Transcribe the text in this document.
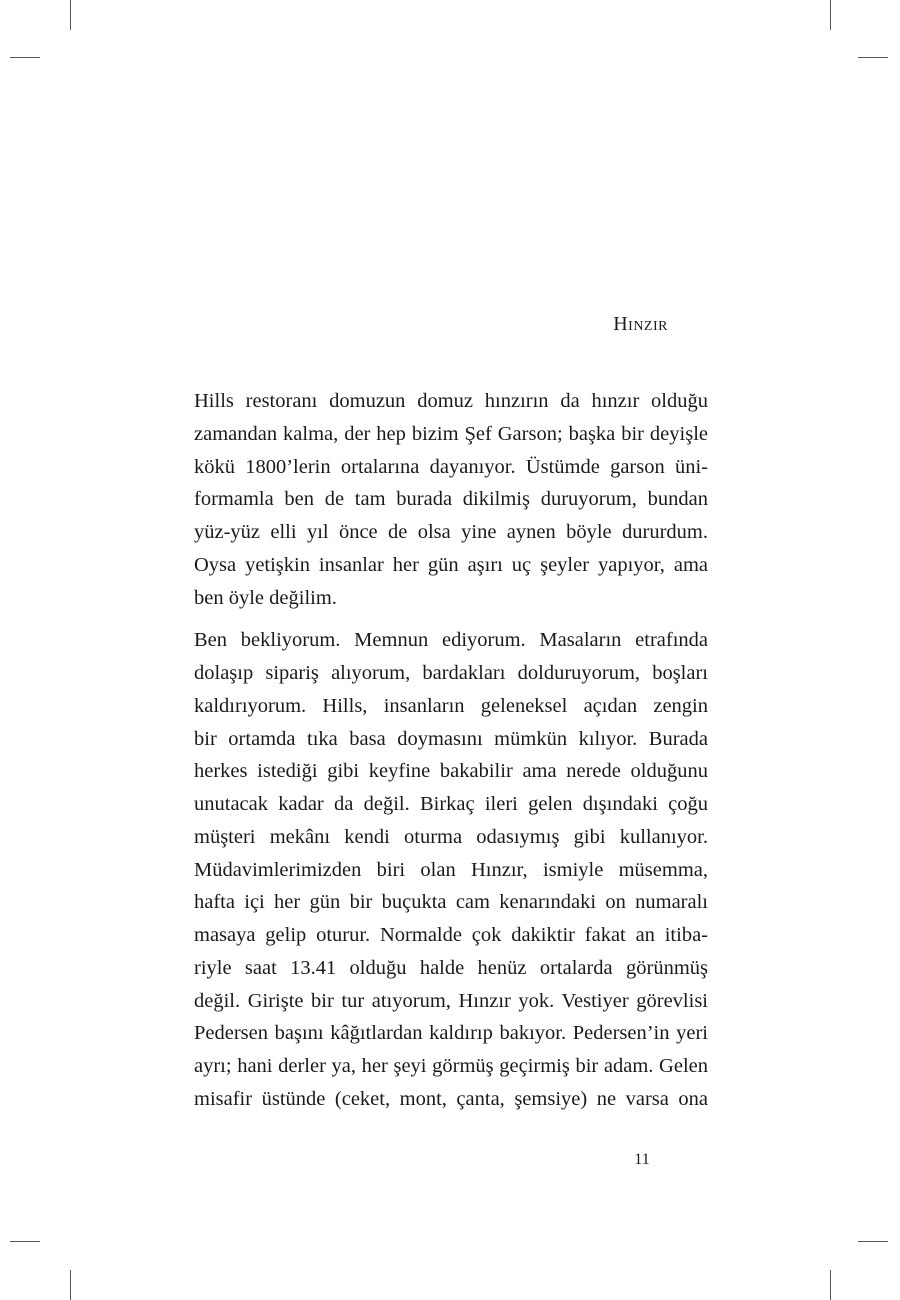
Hınzır

Hills restoranı domuzun domuz hınzırın da hınzır olduğu
zamandan kalma, der hep bizim Şef Garson; başka bir deyişle
kökü 1800’lerin ortalarına dayanıyor. Üstümde garson üni-
formamla ben de tam burada dikilmiş duruyorum, bundan
yüz-yüz elli yıl önce de olsa yine aynen böyle dururdum.
Oysa yetişkin insanlar her gün aşırı uç şeyler yapıyor, ama
ben öyle değilim.

Ben bekliyorum. Memnun ediyorum. Masaların etrafında
dolaşıp sipariş alıyorum, bardakları dolduruyorum, boşları
kaldırıyorum. Hills, insanların geleneksel açıdan zengin
bir ortamda tıka basa doymasını mümkün kılıyor. Burada
herkes istediği gibi keyfine bakabilir ama nerede olduğunu
unutacak kadar da değil. Birkaç ileri gelen dışındaki çoğu
müşteri mekânı kendi oturma odasıymış gibi kullanıyor.
Müdavimlerimizden biri olan Hınzır, ismiyle müsemma,
hafta içi her gün bir buçukta cam kenarındaki on numaralı
masaya gelip oturur. Normalde çok dakiktir fakat an itiba-
riyle saat 13.41 olduğu halde henüz ortalarda görünmüş
değil. Girişte bir tur atıyorum, Hınzır yok. Vestiyer görevlisi
Pedersen başını kâğıtlardan kaldırıp bakıyor. Pedersen’in yeri
ayrı; hani derler ya, her şeyi görmüş geçirmiş bir adam. Gelen
misafir üstünde (ceket, mont, çanta, şemsiye) ne varsa ona

11
